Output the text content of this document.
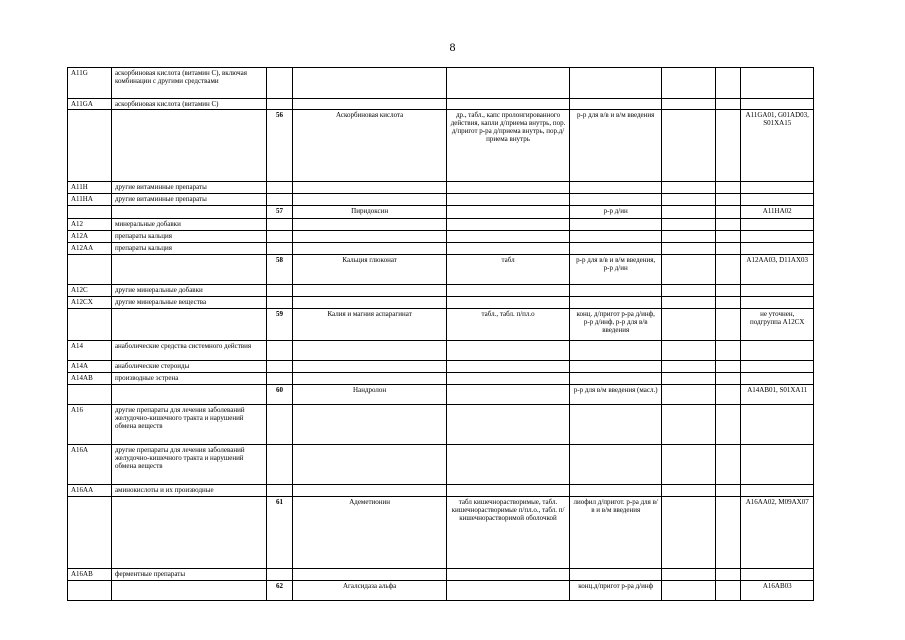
8
A11G	аскорбиновая кислота (витамин С), включая комбинации с другими средствами							
A11GA	аскорбиновая кислота (витамин С)							
		56	Аскорбиновая кислота	др., табл., капс пролонгированного действия, капли д/приема внутрь, пор. д/пригот р-ра д/приема внутрь, пор.д/приема внутрь	р-р для в/в и в/м введения			A11GA01, G01AD03, S01XA15
A11H	другие витаминные препараты							
A11HA	другие витаминные препараты							
		57	Пиридоксин		р-р д/ин			A11HA02
A12	минеральные добавки							
A12A	препараты кальция							
A12AA	препараты кальция							
		58	Кальция глюконат	табл	р-р для в/в и в/м введения, р-р д/ин			A12AA03, D11AX03
A12C	другие минеральные добавки							
A12CX	другие минеральные вещества							
		59	Калия и магния аспарагинат	табл., табл. п/пл.о	конц. д/пригот р-ра д/инф, р-р д/инф, р-р для в/в введения			не уточнен, подгруппа A12CX
A14	анаболические средства системного действия							
A14A	анаболические стероиды							
A14AB	производные эстрена							
		60	Нандролон		р-р для в/м введения (масл.)			A14AB01, S01XA11
A16	другие препараты для лечения заболеваний желудочно-кишечного тракта и нарушений обмена веществ							
A16A	другие препараты для лечения заболеваний желудочно-кишечного тракта и нарушений обмена веществ							
A16AA	аминокислоты и их производные							
		61	Адеметионин	табл кишечнорастворимые, табл. кишечнорастворимые п/пл.о., табл. п/кишечнорастворимой оболочкой	лиофил д/пригот. р-ра для в/в и в/м введения			A16AA02, M09AX07
A16AB	ферментные препараты							
		62	Агалсидаза альфа		конц.д/пригот р-ра д/инф			A16AB03
